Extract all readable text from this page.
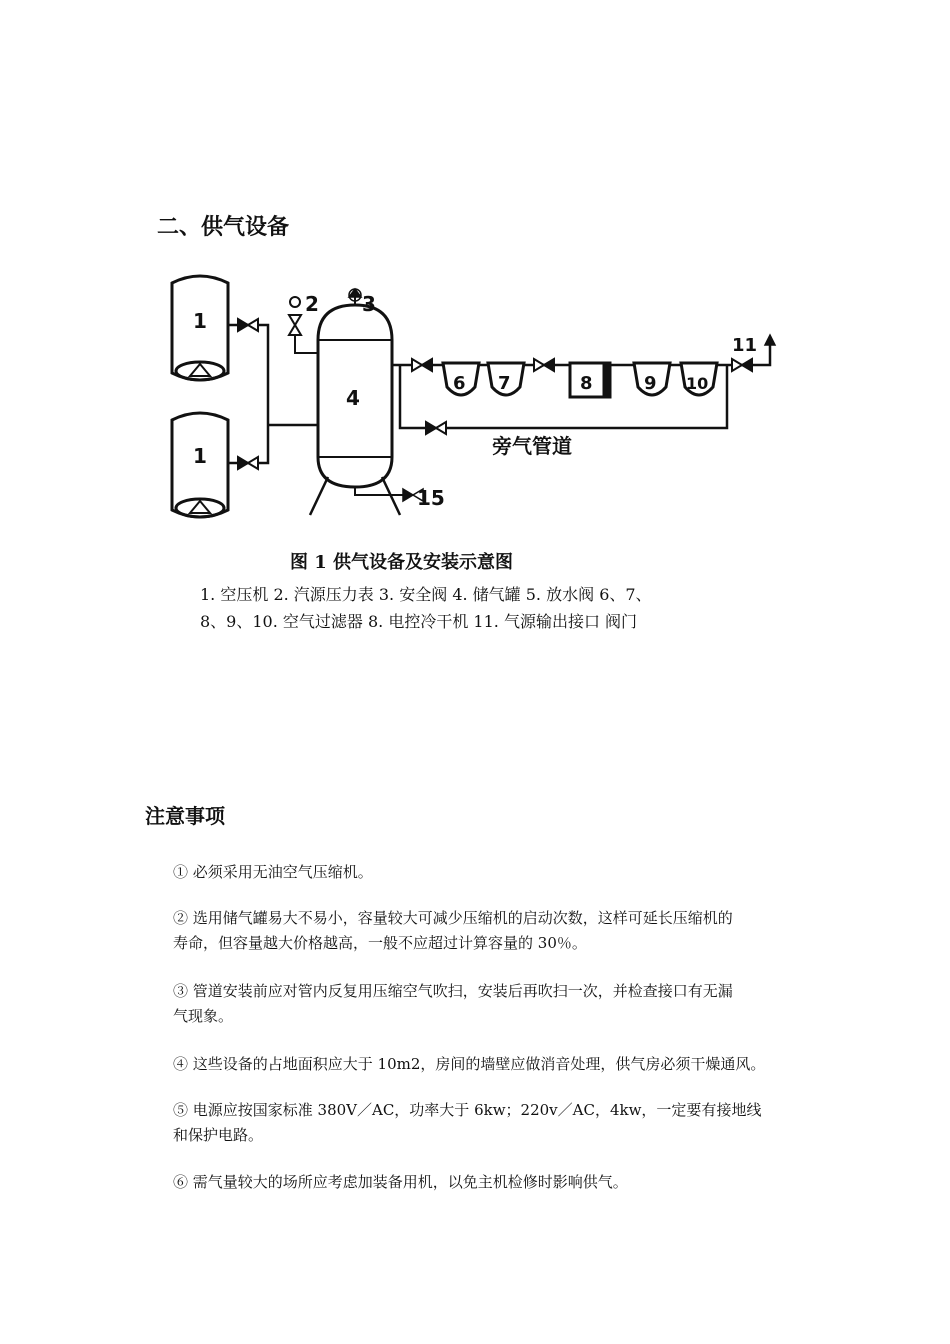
二、供气设备
1
1
2 3
4
6 7	8	9 10
11
15
旁气管道
图 1 供气设备及安装示意图
1. 空压机 2. 汽源压力表 3. 安全阀 4. 储气罐 5. 放水阀 6、7、
8、9、10. 空气过滤器 8. 电控冷干机 11. 气源输出接口 阀门
注意事项

① 必须采用无油空气压缩机。

② 选用储气罐易大不易小，容量较大可减少压缩机的启动次数，这样可延长压缩机的
寿命，但容量越大价格越高，一般不应超过计算容量的 30％。

③ 管道安装前应对管内反复用压缩空气吹扫，安装后再吹扫一次，并检查接口有无漏
气现象。

④ 这些设备的占地面积应大于 10m2，房间的墙壁应做消音处理，供气房必须干燥通风。

⑤ 电源应按国家标准 380V／AC，功率大于 6kw；220v／AC，4kw，一定要有接地线
和保护电路。

⑥ 需气量较大的场所应考虑加装备用机，以免主机检修时影响供气。
